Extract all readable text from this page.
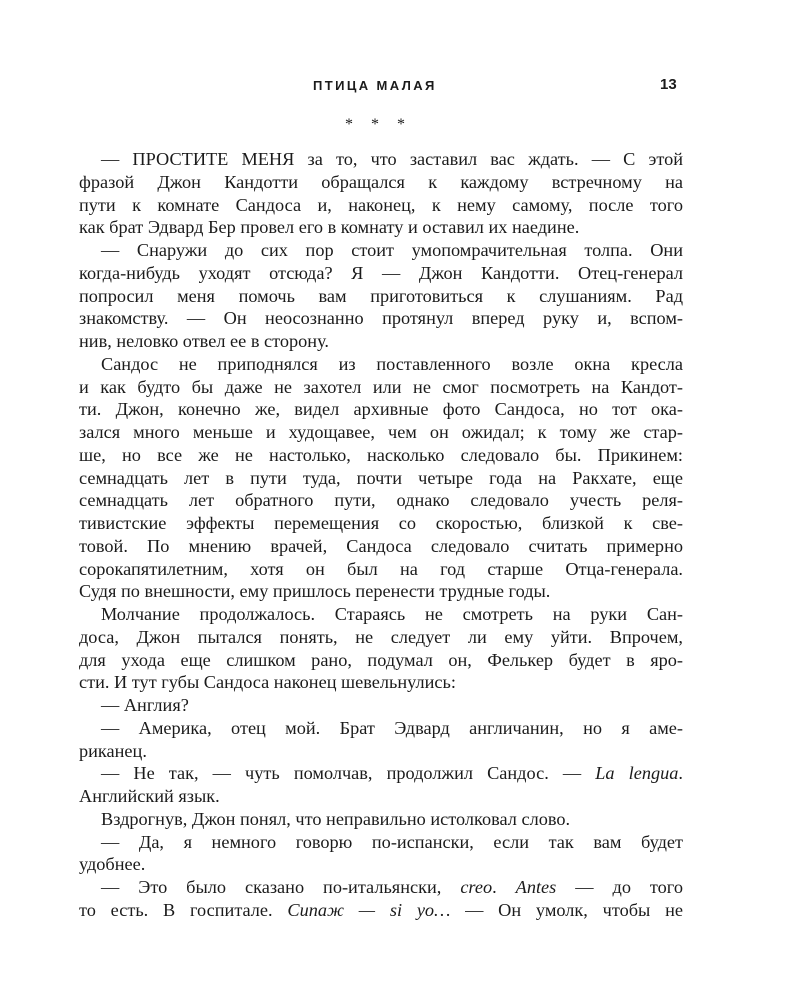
ПТИЦА МАЛАЯ	13
* * *
— ПРОСТИТЕ МЕНЯ за то, что заставил вас ждать. — С этой
фразой Джон Кандотти обращался к каждому встречному на
пути к комнате Сандоса и, наконец, к нему самому, после того
как брат Эдвард Бер провел его в комнату и оставил их наедине.
— Снаружи до сих пор стоит умопомрачительная толпа. Они
когда-нибудь уходят отсюда? Я — Джон Кандотти. Отец-генерал
попросил меня помочь вам приготовиться к слушаниям. Рад
знакомству. — Он неосознанно протянул вперед руку и, вспом-
нив, неловко отвел ее в сторону.
Сандос не приподнялся из поставленного возле окна кресла
и как будто бы даже не захотел или не смог посмотреть на Кандот-
ти. Джон, конечно же, видел архивные фото Сандоса, но тот ока-
зался много меньше и худощавее, чем он ожидал; к тому же стар-
ше, но все же не настолько, насколько следовало бы. Прикинем:
семнадцать лет в пути туда, почти четыре года на Ракхате, еще
семнадцать лет обратного пути, однако следовало учесть реля-
тивистские эффекты перемещения со скоростью, близкой к све-
товой. По мнению врачей, Сандоса следовало считать примерно
сорокапятилетним, хотя он был на год старше Отца-генерала.
Судя по внешности, ему пришлось перенести трудные годы.
Молчание продолжалось. Стараясь не смотреть на руки Сан-
доса, Джон пытался понять, не следует ли ему уйти. Впрочем,
для ухода еще слишком рано, подумал он, Фелькер будет в яро-
сти. И тут губы Сандоса наконец шевельнулись:
— Англия?
— Америка, отец мой. Брат Эдвард англичанин, но я аме-
риканец.
— Не так, — чуть помолчав, продолжил Сандос. — La lengua.
Английский язык.
Вздрогнув, Джон понял, что неправильно истолковал слово.
— Да, я немного говорю по-испански, если так вам будет
удобнее.
— Это было сказано по-итальянски, creo. Antes — до того
то есть. В госпитале. Сипаж — si yo… — Он умолк, чтобы не
